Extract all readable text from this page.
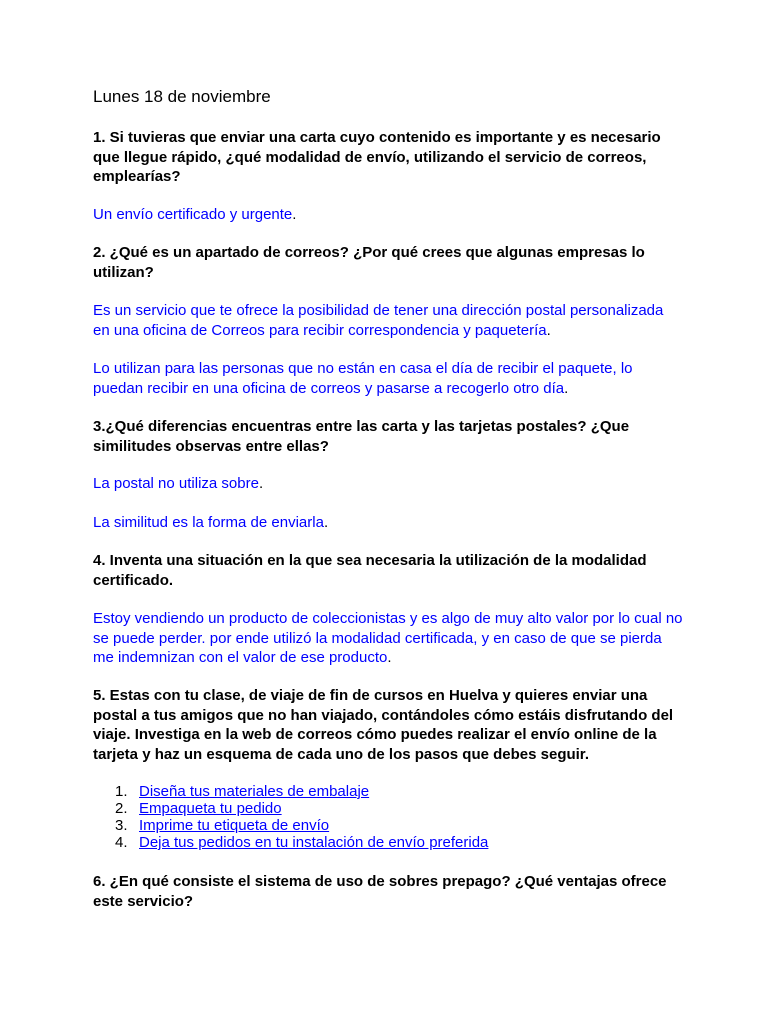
Lunes 18 de noviembre

1. Si tuvieras que enviar una carta cuyo contenido es importante y es necesario que llegue rápido, ¿qué modalidad de envío, utilizando el servicio de correos, emplearías?

Un envío certificado y urgente.

2. ¿Qué es un apartado de correos? ¿Por qué crees que algunas empresas lo utilizan?

Es un servicio que te ofrece la posibilidad de tener una dirección postal personalizada en una oficina de Correos para recibir correspondencia y paquetería.

Lo utilizan para las personas que no están en casa el día de recibir el paquete, lo puedan recibir en una oficina de correos y pasarse a recogerlo otro día.

3.¿Qué diferencias encuentras entre las carta y las tarjetas postales? ¿Que similitudes observas entre ellas?

La postal no utiliza sobre.

La similitud es la forma de enviarla.

4. Inventa una situación en la que sea necesaria la utilización de la modalidad certificado.

Estoy vendiendo un producto de coleccionistas y es algo de muy alto valor por lo cual no se puede perder. por ende utilizó la modalidad certificada, y en caso de que se pierda me indemnizan con el valor de ese producto.

5. Estas con tu clase, de viaje de fin de cursos en Huelva y quieres enviar una postal a tus amigos que no han viajado, contándoles cómo estáis disfrutando del viaje. Investiga en la web de correos cómo puedes realizar el envío online de la tarjeta y haz un esquema de cada uno de los pasos que debes seguir.

1. Diseña tus materiales de embalaje
2. Empaqueta tu pedido
3. Imprime tu etiqueta de envío
4. Deja tus pedidos en tu instalación de envío preferida

6. ¿En qué consiste el sistema de uso de sobres prepago? ¿Qué ventajas ofrece este servicio?
